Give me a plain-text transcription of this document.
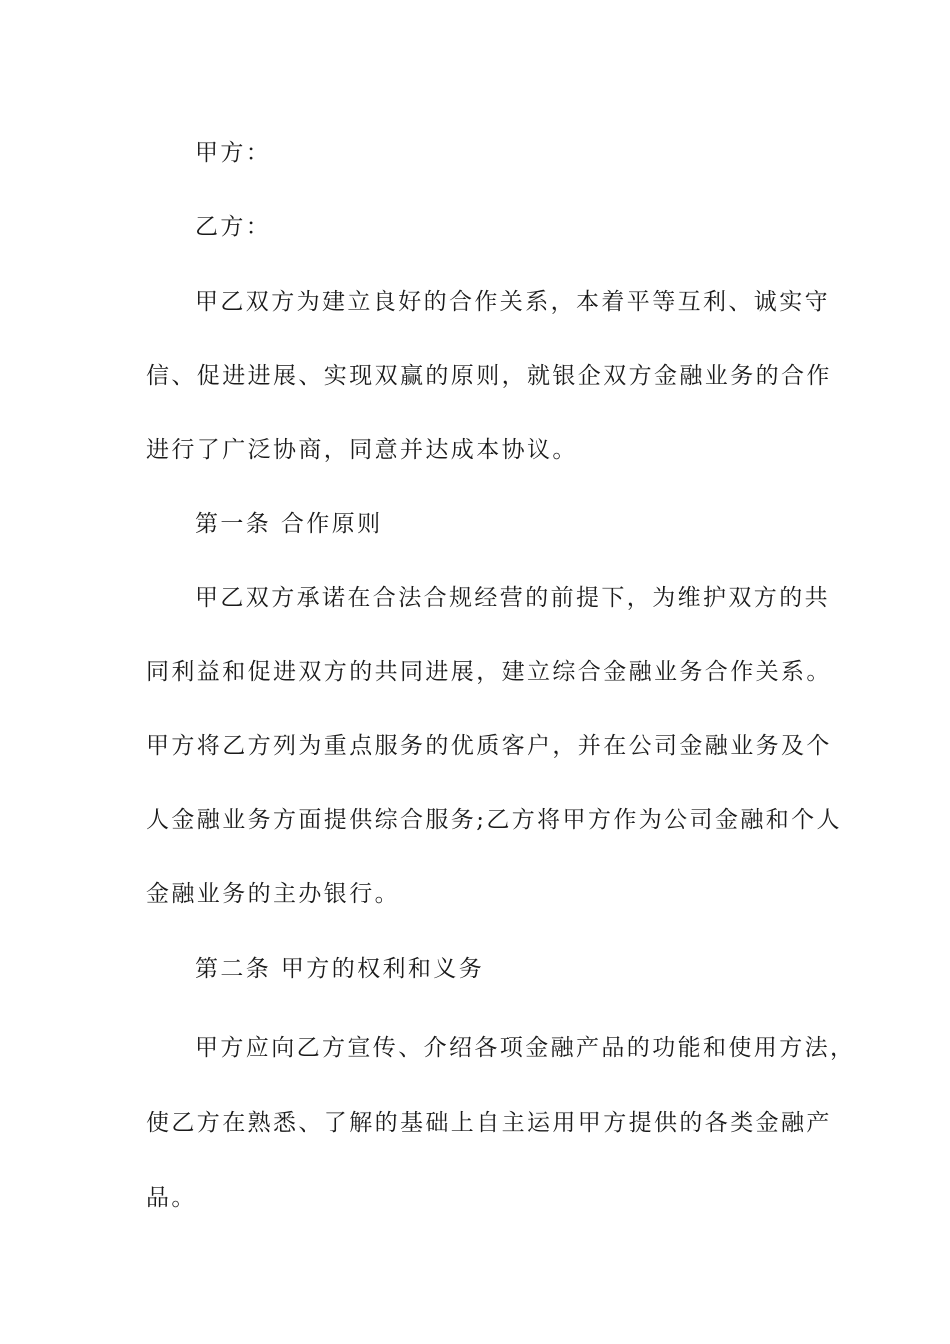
甲方：
乙方：
甲乙双方为建立良好的合作关系，本着平等互利、诚实守
信、促进进展、实现双赢的原则，就银企双方金融业务的合作
进行了广泛协商，同意并达成本协议。
第一条 合作原则
甲乙双方承诺在合法合规经营的前提下，为维护双方的共
同利益和促进双方的共同进展，建立综合金融业务合作关系。
甲方将乙方列为重点服务的优质客户，并在公司金融业务及个
人金融业务方面提供综合服务;乙方将甲方作为公司金融和个人
金融业务的主办银行。
第二条 甲方的权利和义务
甲方应向乙方宣传、介绍各项金融产品的功能和使用方法，
使乙方在熟悉、了解的基础上自主运用甲方提供的各类金融产
品。
